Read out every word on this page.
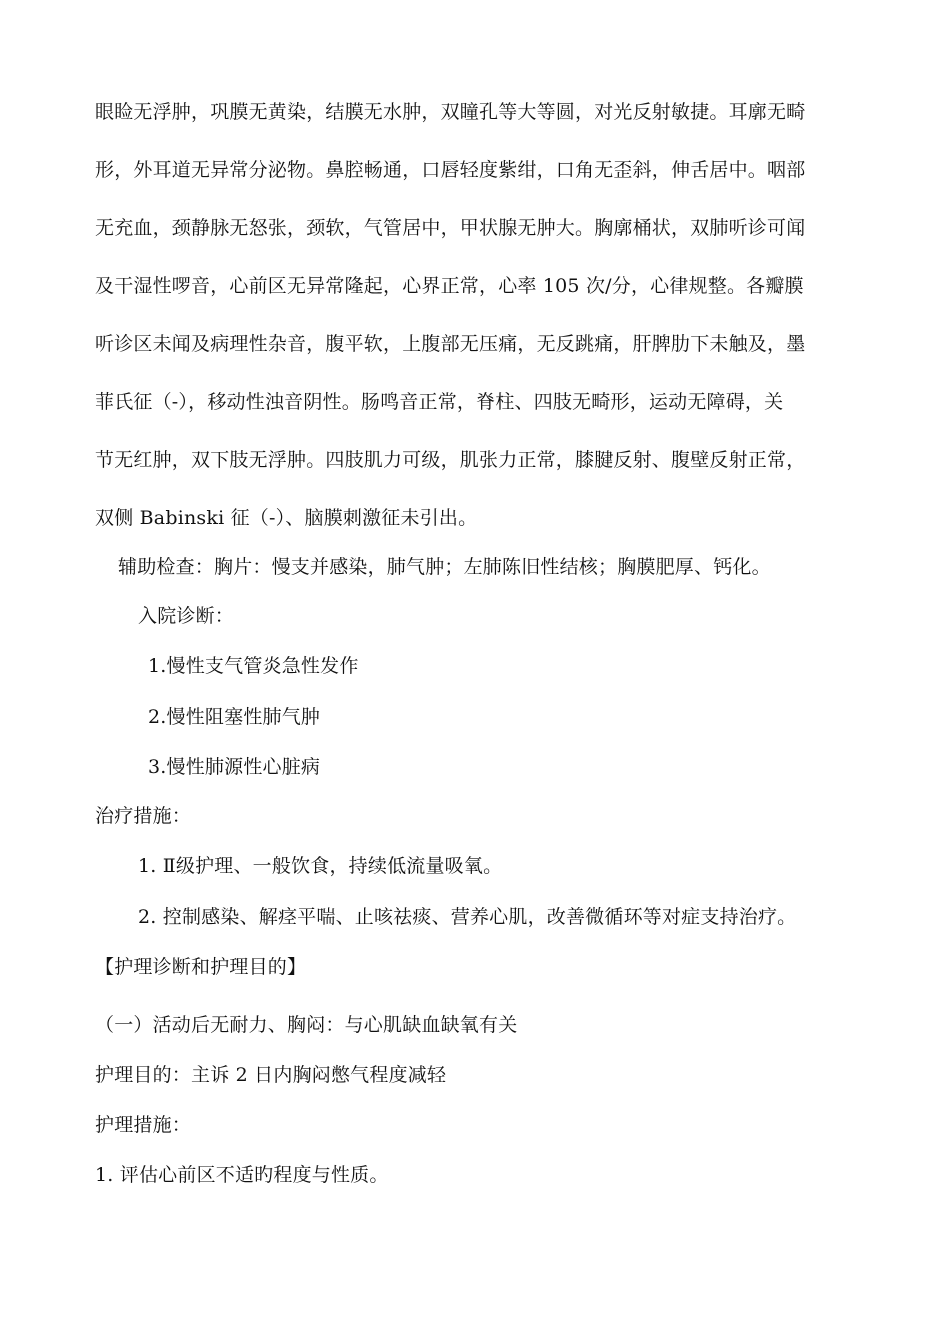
眼睑无浮肿，巩膜无黄染，结膜无水肿，双瞳孔等大等圆，对光反射敏捷。耳廓无畸
形，外耳道无异常分泌物。鼻腔畅通，口唇轻度紫绀，口角无歪斜，伸舌居中。咽部
无充血，颈静脉无怒张，颈软，气管居中，甲状腺无肿大。胸廓桶状，双肺听诊可闻
及干湿性啰音，心前区无异常隆起，心界正常，心率 105 次/分，心律规整。各瓣膜
听诊区未闻及病理性杂音，腹平软，上腹部无压痛，无反跳痛，肝脾肋下未触及，墨
菲氏征（-），移动性浊音阴性。肠鸣音正常，脊柱、四肢无畸形，运动无障碍，关
节无红肿，双下肢无浮肿。四肢肌力可级，肌张力正常，膝腱反射、腹壁反射正常，
双侧 Babinski 征（-）、脑膜刺激征未引出。
辅助检查：胸片：慢支并感染，肺气肿；左肺陈旧性结核；胸膜肥厚、钙化。
入院诊断：
1.慢性支气管炎急性发作
2.慢性阻塞性肺气肿
3.慢性肺源性心脏病
治疗措施：
1. Ⅱ级护理、一般饮食，持续低流量吸氧。
2. 控制感染、解痉平喘、止咳祛痰、营养心肌，改善微循环等对症支持治疗。
【护理诊断和护理目的】
（一）活动后无耐力、胸闷：与心肌缺血缺氧有关
护理目的：主诉 2 日内胸闷憋气程度减轻
护理措施：
1. 评估心前区不适旳程度与性质。
